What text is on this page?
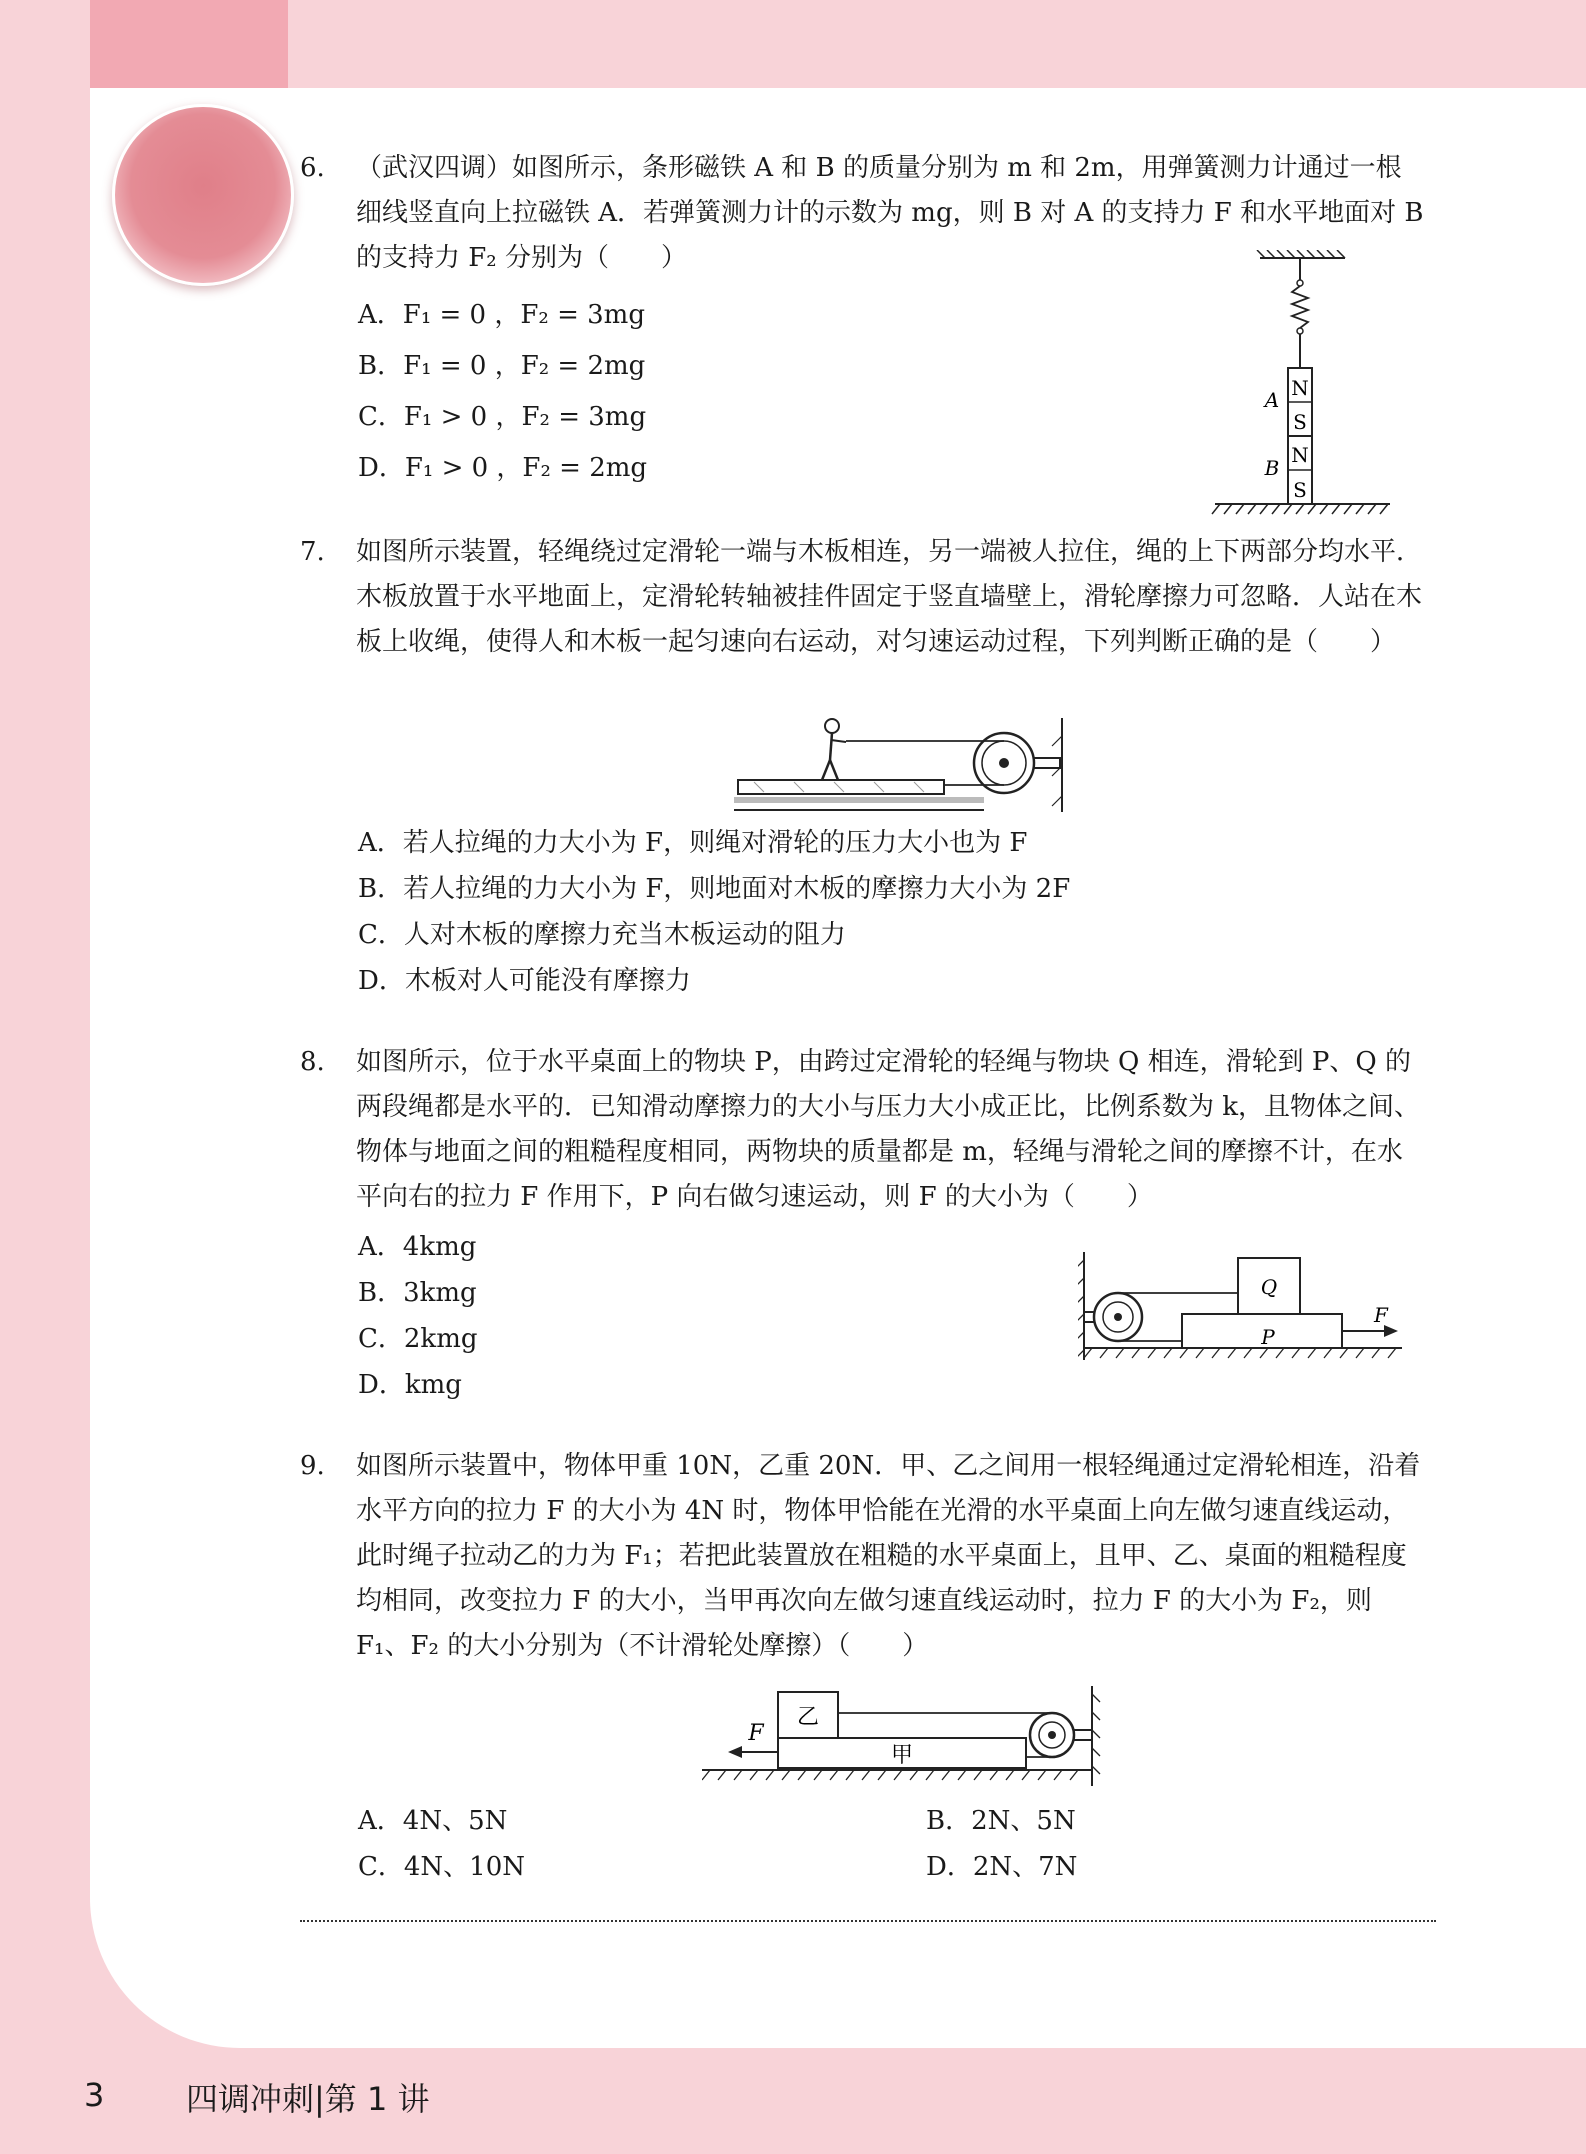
6.	（武汉四调）如图所示，条形磁铁 A 和 B 的质量分别为 m 和 2m，用弹簧测力计通过一根细线竖直向上拉磁铁 A．若弹簧测力计的示数为 mg，则 B 对 A 的支持力 F 和水平地面对 B 的支持力 F₂ 分别为（　　）
A．F₁ = 0 ，F₂ = 3mg
B．F₁ = 0 ，F₂ = 2mg
C．F₁ > 0 ，F₂ = 3mg
D．F₁ > 0 ，F₂ = 2mg
N
S
N
S
A
B
7.	如图所示装置，轻绳绕过定滑轮一端与木板相连，另一端被人拉住，绳的上下两部分均水平．木板放置于水平地面上，定滑轮转轴被挂件固定于竖直墙壁上，滑轮摩擦力可忽略．人站在木板上收绳，使得人和木板一起匀速向右运动，对匀速运动过程，下列判断正确的是（　　）
A．若人拉绳的力大小为 F，则绳对滑轮的压力大小也为 F
B．若人拉绳的力大小为 F，则地面对木板的摩擦力大小为 2F
C．人对木板的摩擦力充当木板运动的阻力
D．木板对人可能没有摩擦力
8.	如图所示，位于水平桌面上的物块 P，由跨过定滑轮的轻绳与物块 Q 相连，滑轮到 P、Q 的两段绳都是水平的．已知滑动摩擦力的大小与压力大小成正比，比例系数为 k，且物体之间、物体与地面之间的粗糙程度相同，两物块的质量都是 m，轻绳与滑轮之间的摩擦不计，在水平向右的拉力 F 作用下，P 向右做匀速运动，则 F 的大小为（　　）
A．4kmg
B．3kmg
C．2kmg
D．kmg
Q
P
F
9.	如图所示装置中，物体甲重 10N，乙重 20N．甲、乙之间用一根轻绳通过定滑轮相连，沿着水平方向的拉力 F 的大小为 4N 时，物体甲恰能在光滑的水平桌面上向左做匀速直线运动，此时绳子拉动乙的力为 F₁；若把此装置放在粗糙的水平桌面上，且甲、乙、桌面的粗糙程度均相同，改变拉力 F 的大小，当甲再次向左做匀速直线运动时，拉力 F 的大小为 F₂，则 F₁、F₂ 的大小分别为（不计滑轮处摩擦）（　　）
乙
甲
F
A．4N、5N	B．2N、5N
C．4N、10N	D．2N、7N
3	四调冲刺|第 1 讲
